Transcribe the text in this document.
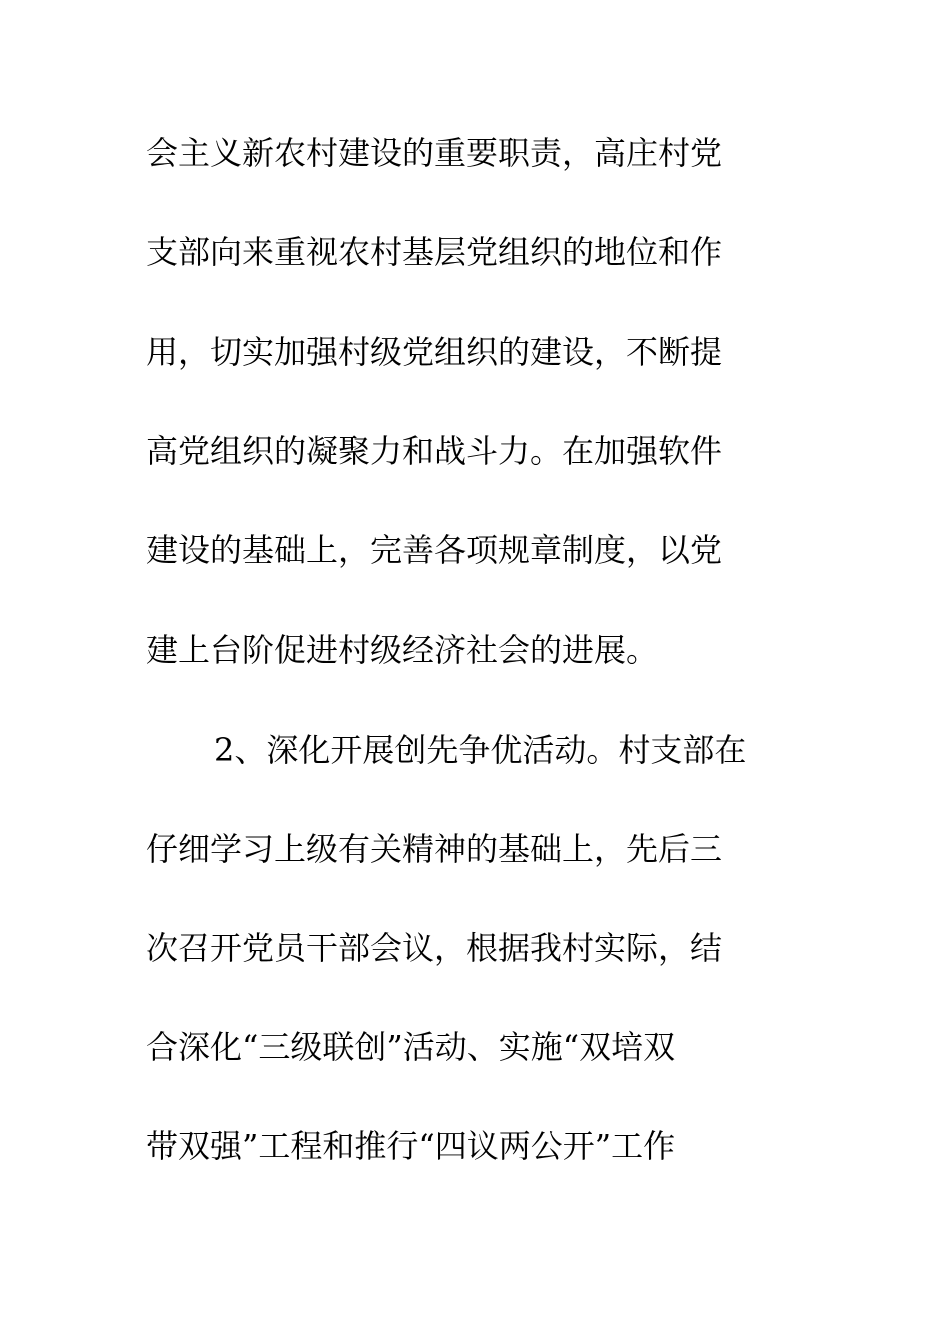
会主义新农村建设的重要职责，高庄村党
支部向来重视农村基层党组织的地位和作
用，切实加强村级党组织的建设，不断提
高党组织的凝聚力和战斗力。在加强软件
建设的基础上，完善各项规章制度，以党
建上台阶促进村级经济社会的进展。
2、深化开展创先争优活动。村支部在
仔细学习上级有关精神的基础上，先后三
次召开党员干部会议，根据我村实际，结
合深化“三级联创”活动、实施“双培双
带双强”工程和推行“四议两公开”工作
